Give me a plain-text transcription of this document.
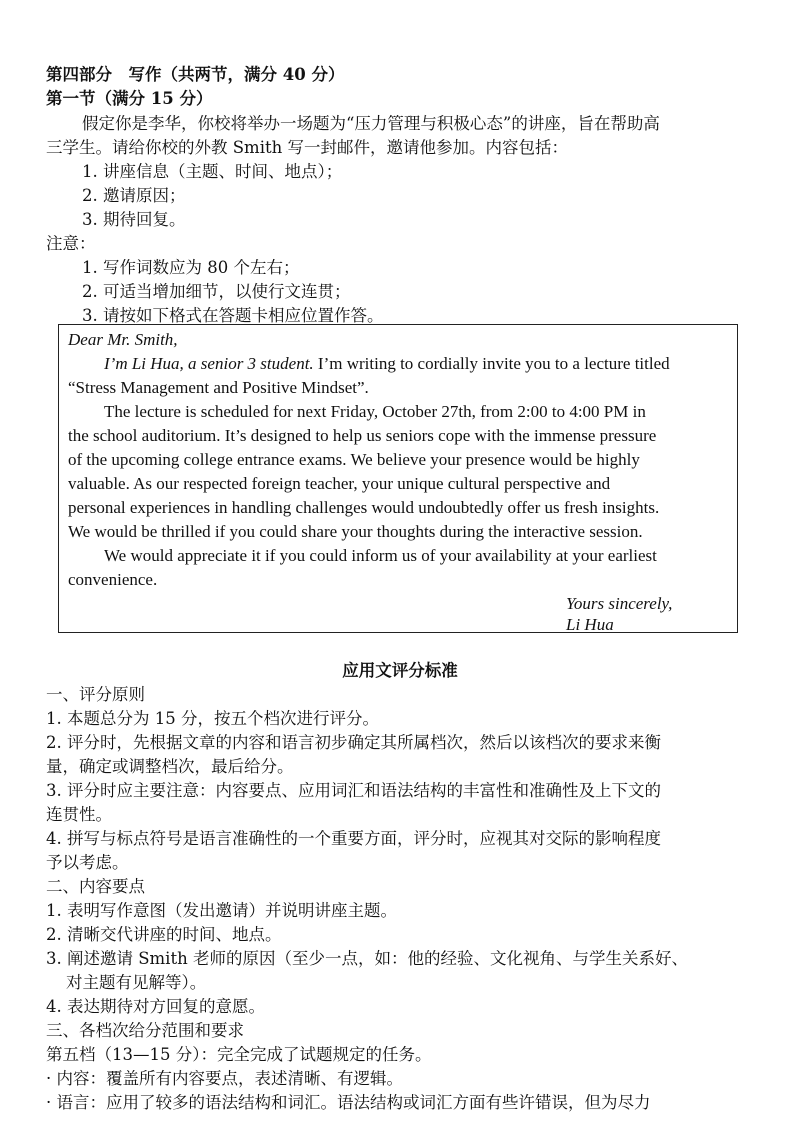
第四部分　写作（共两节，满分 40 分）
第一节（满分 15 分）
假定你是李华，你校将举办一场题为“压力管理与积极心态”的讲座，旨在帮助高
三学生。请给你校的外教 Smith 写一封邮件，邀请他参加。内容包括：
1. 讲座信息（主题、时间、地点）；
2. 邀请原因；
3. 期待回复。
注意：
1. 写作词数应为 80 个左右；
2. 可适当增加细节，以使行文连贯；
3. 请按如下格式在答题卡相应位置作答。
Dear Mr. Smith,
I’m Li Hua, a senior 3 student. I’m writing to cordially invite you to a lecture titled
“Stress Management and Positive Mindset”.
The lecture is scheduled for next Friday, October 27th, from 2:00 to 4:00 PM in
the school auditorium. It’s designed to help us seniors cope with the immense pressure
of the upcoming college entrance exams. We believe your presence would be highly
valuable. As our respected foreign teacher, your unique cultural perspective and
personal experiences in handling challenges would undoubtedly offer us fresh insights.
We would be thrilled if you could share your thoughts during the interactive session.
We would appreciate it if you could inform us of your availability at your earliest
convenience.
Yours sincerely,
Li Hua
应用文评分标准
一、评分原则
1. 本题总分为 15 分，按五个档次进行评分。
2. 评分时，先根据文章的内容和语言初步确定其所属档次，然后以该档次的要求来衡
量，确定或调整档次，最后给分。
3. 评分时应主要注意：内容要点、应用词汇和语法结构的丰富性和准确性及上下文的
连贯性。
4. 拼写与标点符号是语言准确性的一个重要方面，评分时，应视其对交际的影响程度
予以考虑。
二、内容要点
1. 表明写作意图（发出邀请）并说明讲座主题。
2. 清晰交代讲座的时间、地点。
3. 阐述邀请 Smith 老师的原因（至少一点，如：他的经验、文化视角、与学生关系好、
对主题有见解等）。
4. 表达期待对方回复的意愿。
三、各档次给分范围和要求
第五档（13—15 分）：完全完成了试题规定的任务。
· 内容：覆盖所有内容要点，表述清晰、有逻辑。
· 语言：应用了较多的语法结构和词汇。语法结构或词汇方面有些许错误，但为尽力
